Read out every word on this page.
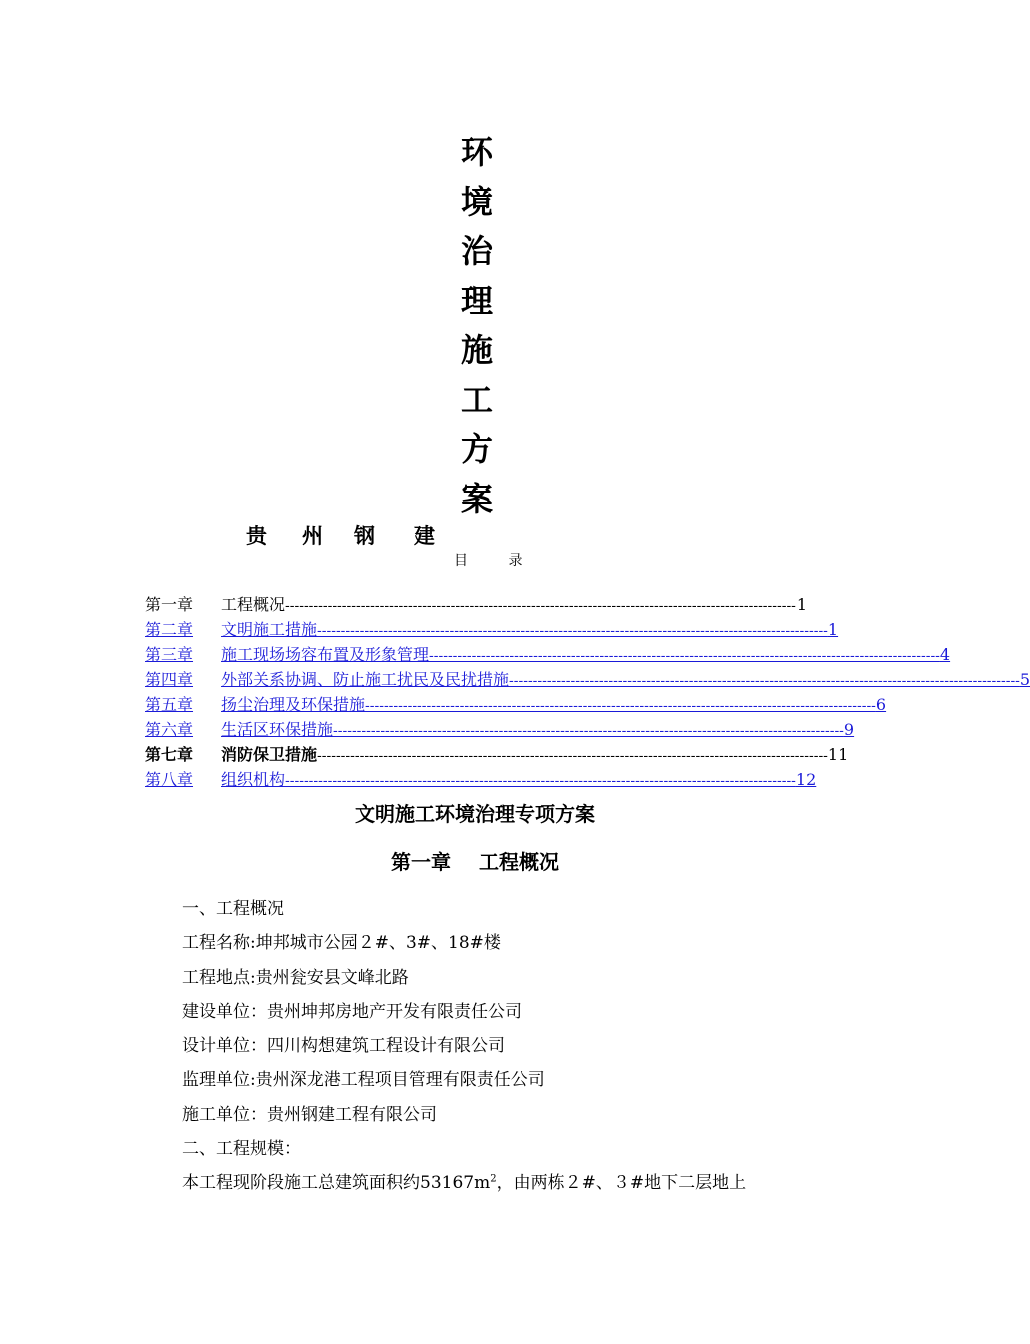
环
境
治
理
施
工
方
案
贵	州	钢	建
目 录
第一章	工程概况 ------------------------------------------------------------------------------------------------------------ 1
第二章	文明施工措施 ------------------------------------------------------------------------------------------------------------ 1
第三章	施工现场场容布置及形象管理 ------------------------------------------------------------------------------------------------------------ 4
第四章	外部关系协调、防止施工扰民及民扰措施 ------------------------------------------------------------------------------------------------------------ 5
第五章	扬尘治理及环保措施 ------------------------------------------------------------------------------------------------------------ 6
第六章	生活区环保措施 ------------------------------------------------------------------------------------------------------------ 9
第七章	消防保卫措施 ------------------------------------------------------------------------------------------------------------ 11
第八章	组织机构 ------------------------------------------------------------------------------------------------------------ 12
文明施工环境治理专项方案
第一章 工程概况

一、工程概况

工程名称:坤邦城市公园２#、3#、18#楼

工程地点:贵州瓮安县文峰北路

建设单位：贵州坤邦房地产开发有限责任公司

设计单位：四川构想建筑工程设计有限公司

监理单位:贵州深龙港工程项目管理有限责任公司

施工单位：贵州钢建工程有限公司

二、工程规模：

本工程现阶段施工总建筑面积约$53167m^2$，由两栋２#、３#地下二层地上
